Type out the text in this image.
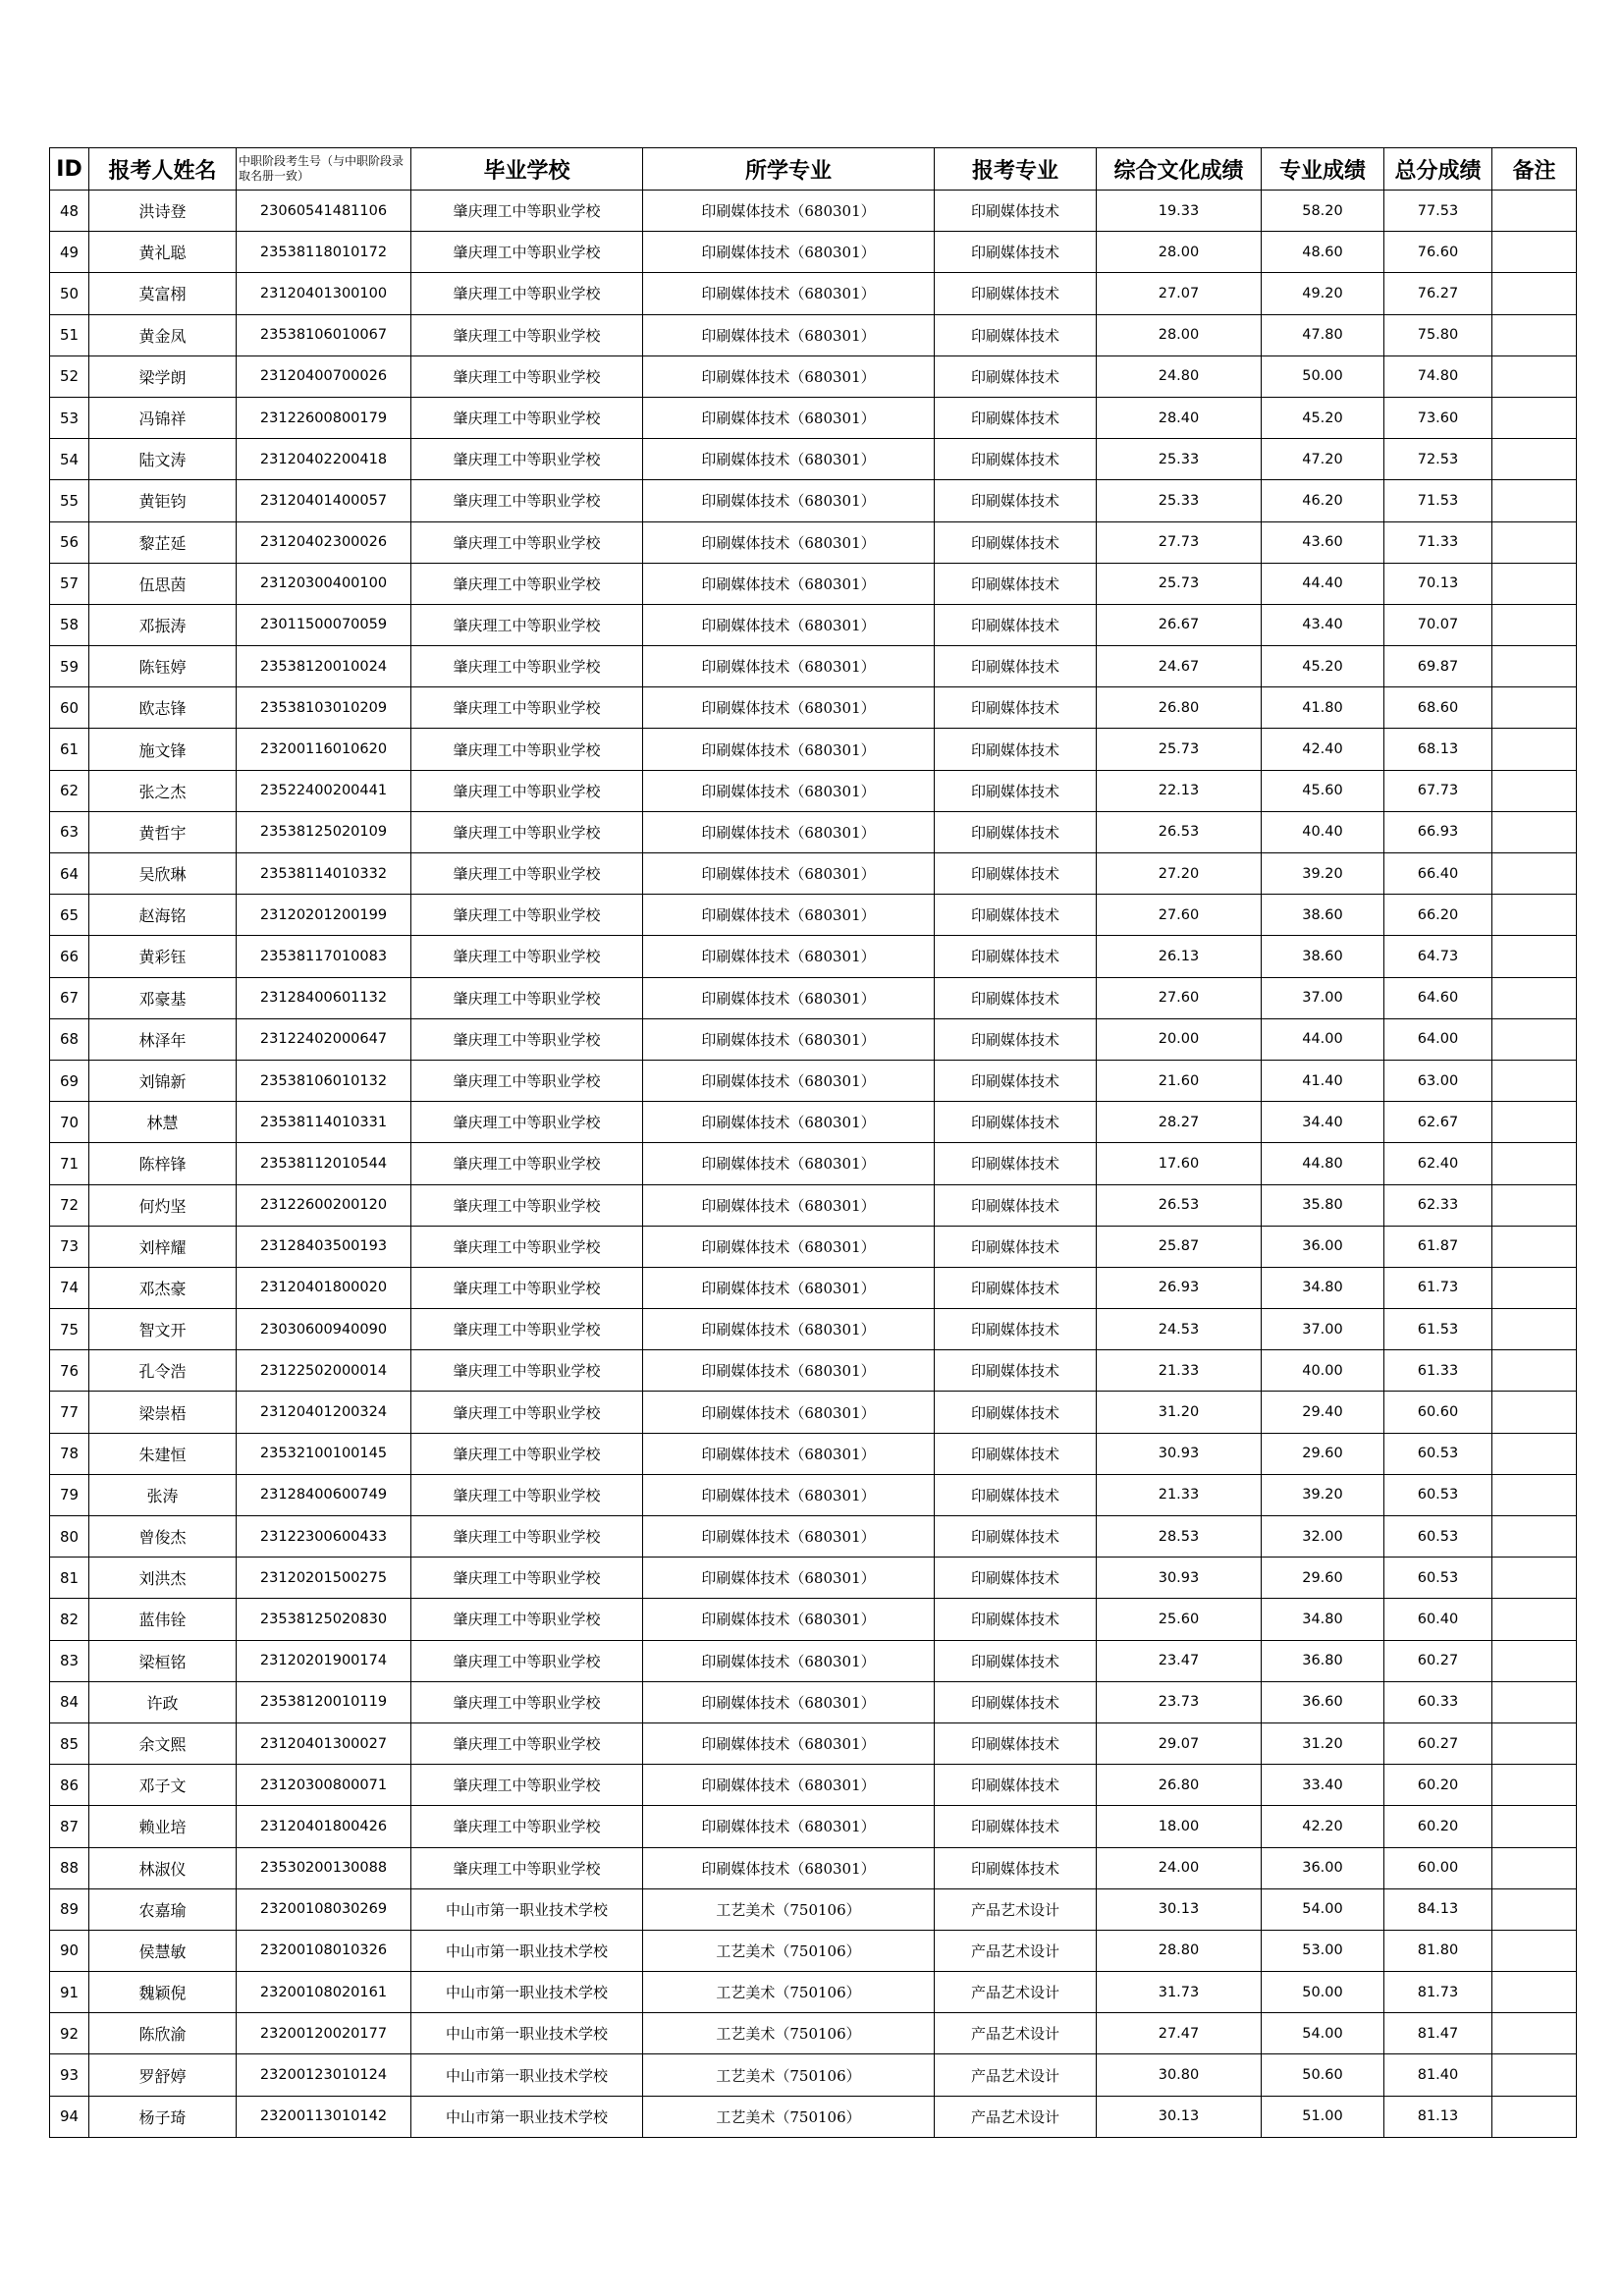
ID	报考人姓名	中职阶段考生号（与中职阶段录取名册一致）	毕业学校	所学专业	报考专业	综合文化成绩	专业成绩	总分成绩	备注
48	洪诗登	23060541481106	肇庆理工中等职业学校	印刷媒体技术（680301）	印刷媒体技术	19.33	58.20	77.53	
49	黄礼聪	23538118010172	肇庆理工中等职业学校	印刷媒体技术（680301）	印刷媒体技术	28.00	48.60	76.60	
50	莫富栩	23120401300100	肇庆理工中等职业学校	印刷媒体技术（680301）	印刷媒体技术	27.07	49.20	76.27	
51	黄金凤	23538106010067	肇庆理工中等职业学校	印刷媒体技术（680301）	印刷媒体技术	28.00	47.80	75.80	
52	梁学朗	23120400700026	肇庆理工中等职业学校	印刷媒体技术（680301）	印刷媒体技术	24.80	50.00	74.80	
53	冯锦祥	23122600800179	肇庆理工中等职业学校	印刷媒体技术（680301）	印刷媒体技术	28.40	45.20	73.60	
54	陆文涛	23120402200418	肇庆理工中等职业学校	印刷媒体技术（680301）	印刷媒体技术	25.33	47.20	72.53	
55	黄钜钧	23120401400057	肇庆理工中等职业学校	印刷媒体技术（680301）	印刷媒体技术	25.33	46.20	71.53	
56	黎芷延	23120402300026	肇庆理工中等职业学校	印刷媒体技术（680301）	印刷媒体技术	27.73	43.60	71.33	
57	伍思茵	23120300400100	肇庆理工中等职业学校	印刷媒体技术（680301）	印刷媒体技术	25.73	44.40	70.13	
58	邓振涛	23011500070059	肇庆理工中等职业学校	印刷媒体技术（680301）	印刷媒体技术	26.67	43.40	70.07	
59	陈钰婷	23538120010024	肇庆理工中等职业学校	印刷媒体技术（680301）	印刷媒体技术	24.67	45.20	69.87	
60	欧志锋	23538103010209	肇庆理工中等职业学校	印刷媒体技术（680301）	印刷媒体技术	26.80	41.80	68.60	
61	施文锋	23200116010620	肇庆理工中等职业学校	印刷媒体技术（680301）	印刷媒体技术	25.73	42.40	68.13	
62	张之杰	23522400200441	肇庆理工中等职业学校	印刷媒体技术（680301）	印刷媒体技术	22.13	45.60	67.73	
63	黄哲宇	23538125020109	肇庆理工中等职业学校	印刷媒体技术（680301）	印刷媒体技术	26.53	40.40	66.93	
64	吴欣琳	23538114010332	肇庆理工中等职业学校	印刷媒体技术（680301）	印刷媒体技术	27.20	39.20	66.40	
65	赵海铭	23120201200199	肇庆理工中等职业学校	印刷媒体技术（680301）	印刷媒体技术	27.60	38.60	66.20	
66	黄彩钰	23538117010083	肇庆理工中等职业学校	印刷媒体技术（680301）	印刷媒体技术	26.13	38.60	64.73	
67	邓豪基	23128400601132	肇庆理工中等职业学校	印刷媒体技术（680301）	印刷媒体技术	27.60	37.00	64.60	
68	林泽年	23122402000647	肇庆理工中等职业学校	印刷媒体技术（680301）	印刷媒体技术	20.00	44.00	64.00	
69	刘锦新	23538106010132	肇庆理工中等职业学校	印刷媒体技术（680301）	印刷媒体技术	21.60	41.40	63.00	
70	林慧	23538114010331	肇庆理工中等职业学校	印刷媒体技术（680301）	印刷媒体技术	28.27	34.40	62.67	
71	陈梓锋	23538112010544	肇庆理工中等职业学校	印刷媒体技术（680301）	印刷媒体技术	17.60	44.80	62.40	
72	何灼坚	23122600200120	肇庆理工中等职业学校	印刷媒体技术（680301）	印刷媒体技术	26.53	35.80	62.33	
73	刘梓耀	23128403500193	肇庆理工中等职业学校	印刷媒体技术（680301）	印刷媒体技术	25.87	36.00	61.87	
74	邓杰豪	23120401800020	肇庆理工中等职业学校	印刷媒体技术（680301）	印刷媒体技术	26.93	34.80	61.73	
75	智文开	23030600940090	肇庆理工中等职业学校	印刷媒体技术（680301）	印刷媒体技术	24.53	37.00	61.53	
76	孔令浩	23122502000014	肇庆理工中等职业学校	印刷媒体技术（680301）	印刷媒体技术	21.33	40.00	61.33	
77	梁崇梧	23120401200324	肇庆理工中等职业学校	印刷媒体技术（680301）	印刷媒体技术	31.20	29.40	60.60	
78	朱建恒	23532100100145	肇庆理工中等职业学校	印刷媒体技术（680301）	印刷媒体技术	30.93	29.60	60.53	
79	张涛	23128400600749	肇庆理工中等职业学校	印刷媒体技术（680301）	印刷媒体技术	21.33	39.20	60.53	
80	曾俊杰	23122300600433	肇庆理工中等职业学校	印刷媒体技术（680301）	印刷媒体技术	28.53	32.00	60.53	
81	刘洪杰	23120201500275	肇庆理工中等职业学校	印刷媒体技术（680301）	印刷媒体技术	30.93	29.60	60.53	
82	蓝伟铨	23538125020830	肇庆理工中等职业学校	印刷媒体技术（680301）	印刷媒体技术	25.60	34.80	60.40	
83	梁桓铭	23120201900174	肇庆理工中等职业学校	印刷媒体技术（680301）	印刷媒体技术	23.47	36.80	60.27	
84	许政	23538120010119	肇庆理工中等职业学校	印刷媒体技术（680301）	印刷媒体技术	23.73	36.60	60.33	
85	余文熙	23120401300027	肇庆理工中等职业学校	印刷媒体技术（680301）	印刷媒体技术	29.07	31.20	60.27	
86	邓子文	23120300800071	肇庆理工中等职业学校	印刷媒体技术（680301）	印刷媒体技术	26.80	33.40	60.20	
87	赖业培	23120401800426	肇庆理工中等职业学校	印刷媒体技术（680301）	印刷媒体技术	18.00	42.20	60.20	
88	林淑仪	23530200130088	肇庆理工中等职业学校	印刷媒体技术（680301）	印刷媒体技术	24.00	36.00	60.00	
89	农嘉瑜	23200108030269	中山市第一职业技术学校	工艺美术（750106）	产品艺术设计	30.13	54.00	84.13	
90	侯慧敏	23200108010326	中山市第一职业技术学校	工艺美术（750106）	产品艺术设计	28.80	53.00	81.80	
91	魏颖倪	23200108020161	中山市第一职业技术学校	工艺美术（750106）	产品艺术设计	31.73	50.00	81.73	
92	陈欣渝	23200120020177	中山市第一职业技术学校	工艺美术（750106）	产品艺术设计	27.47	54.00	81.47	
93	罗舒婷	23200123010124	中山市第一职业技术学校	工艺美术（750106）	产品艺术设计	30.80	50.60	81.40	
94	杨子琦	23200113010142	中山市第一职业技术学校	工艺美术（750106）	产品艺术设计	30.13	51.00	81.13	
